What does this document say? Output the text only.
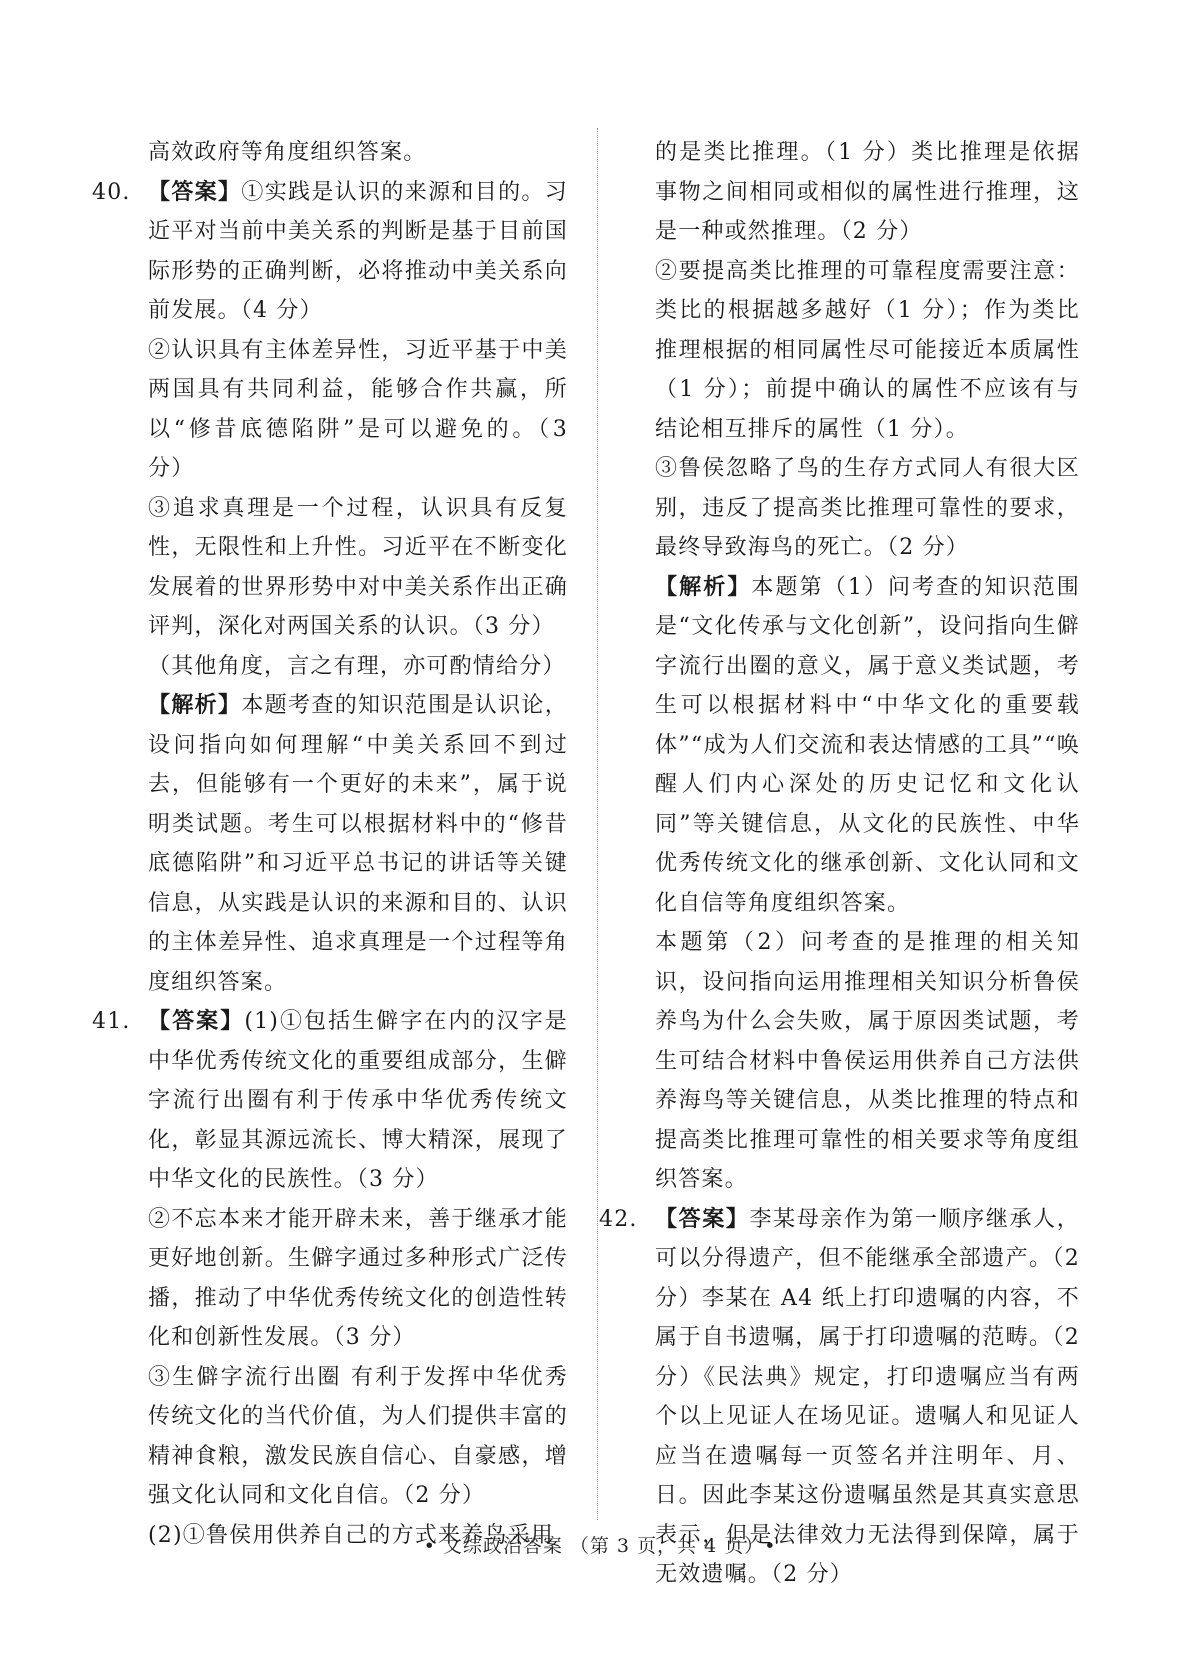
高效政府等角度组织答案。

40. 【答案】①实践是认识的来源和目的。习近平对当前中美关系的判断是基于目前国际形势的正确判断，必将推动中美关系向前发展。（4 分）

②认识具有主体差异性，习近平基于中美两国具有共同利益，能够合作共赢，所以“修昔底德陷阱”是可以避免的。（3 分）

③追求真理是一个过程，认识具有反复性，无限性和上升性。习近平在不断变化发展着的世界形势中对中美关系作出正确评判，深化对两国关系的认识。（3 分）

（其他角度，言之有理，亦可酌情给分）

【解析】本题考查的知识范围是认识论，设问指向如何理解“中美关系回不到过去，但能够有一个更好的未来”，属于说明类试题。考生可以根据材料中的“修昔底德陷阱”和习近平总书记的讲话等关键信息，从实践是认识的来源和目的、认识的主体差异性、追求真理是一个过程等角度组织答案。

41. 【答案】(1)①包括生僻字在内的汉字是中华优秀传统文化的重要组成部分，生僻字流行出圈有利于传承中华优秀传统文化，彰显其源远流长、博大精深，展现了中华文化的民族性。（3 分）

②不忘本来才能开辟未来，善于继承才能更好地创新。生僻字通过多种形式广泛传播，推动了中华优秀传统文化的创造性转化和创新性发展。（3 分）

③生僻字流行出圈 有利于发挥中华优秀传统文化的当代价值，为人们提供丰富的精神食粮，激发民族自信心、自豪感，增强文化认同和文化自信。（2 分）

(2)①鲁侯用供养自己的方式来养鸟采用

的是类比推理。（1 分）类比推理是依据事物之间相同或相似的属性进行推理，这是一种或然推理。（2 分）

②要提高类比推理的可靠程度需要注意：类比的根据越多越好（1 分）；作为类比推理根据的相同属性尽可能接近本质属性（1 分）；前提中确认的属性不应该有与结论相互排斥的属性（1 分）。

③鲁侯忽略了鸟的生存方式同人有很大区别，违反了提高类比推理可靠性的要求，最终导致海鸟的死亡。（2 分）

【解析】本题第（1）问考查的知识范围是“文化传承与文化创新”，设问指向生僻字流行出圈的意义，属于意义类试题，考生可以根据材料中“中华文化的重要载体”“成为人们交流和表达情感的工具”“唤醒人们内心深处的历史记忆和文化认同”等关键信息，从文化的民族性、中华优秀传统文化的继承创新、文化认同和文化自信等角度组织答案。

本题第（2）问考查的是推理的相关知识，设问指向运用推理相关知识分析鲁侯养鸟为什么会失败，属于原因类试题，考生可结合材料中鲁侯运用供养自己方法供养海鸟等关键信息，从类比推理的特点和提高类比推理可靠性的相关要求等角度组织答案。

42. 【答案】李某母亲作为第一顺序继承人，可以分得遗产，但不能继承全部遗产。（2 分）李某在 A4 纸上打印遗嘱的内容，不属于自书遗嘱，属于打印遗嘱的范畴。（2 分）《民法典》规定，打印遗嘱应当有两个以上见证人在场见证。遗嘱人和见证人应当在遗嘱每一页签名并注明年、月、日。因此李某这份遗嘱虽然是其真实意思表示，但是法律效力无法得到保障，属于无效遗嘱。（2 分）

• 文综政治答案 （第 3 页，共 4 页）•
